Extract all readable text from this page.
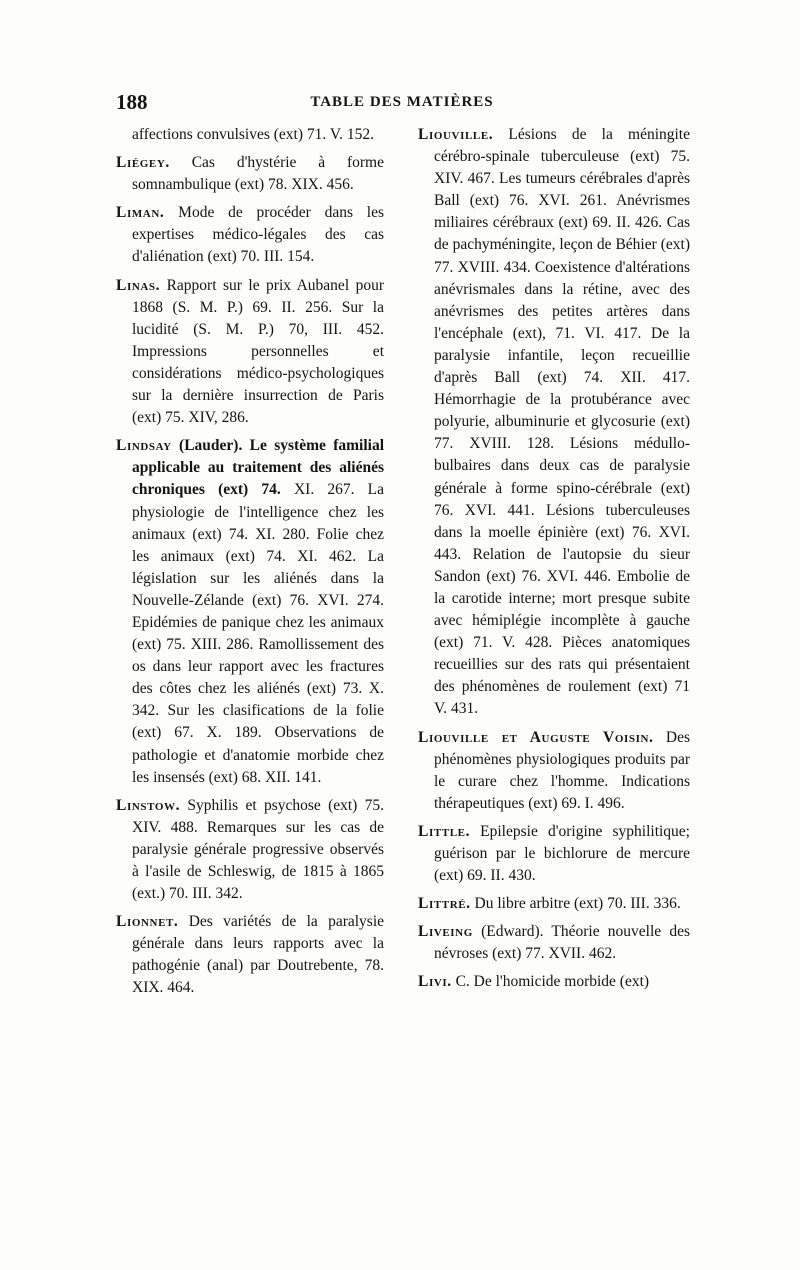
188	TABLE DES MATIÈRES

affections convulsives (ext) 71. V. 152.

Liégey. Cas d'hystérie à forme somnambulique (ext) 78. XIX. 456.

Liman. Mode de procéder dans les expertises médico-légales des cas d'aliénation (ext) 70. III. 154.

Linas. Rapport sur le prix Aubanel pour 1868 (S. M. P.) 69. II. 256. Sur la lucidité (S. M. P.) 70, III. 452. Impressions personnelles et considérations médico-psychologiques sur la dernière insurrection de Paris (ext) 75. XIV, 286.

Lindsay (Lauder). Le système familial applicable au traitement des aliénés chroniques (ext) 74. XI. 267. La physiologie de l'intelligence chez les animaux (ext) 74. XI. 280. Folie chez les animaux (ext) 74. XI. 462. La législation sur les aliénés dans la Nouvelle-Zélande (ext) 76. XVI. 274. Epidémies de panique chez les animaux (ext) 75. XIII. 286. Ramollissement des os dans leur rapport avec les fractures des côtes chez les aliénés (ext) 73. X. 342. Sur les clasifications de la folie (ext) 67. X. 189. Observations de pathologie et d'anatomie morbide chez les insensés (ext) 68. XII. 141.

Linstow. Syphilis et psychose (ext) 75. XIV. 488. Remarques sur les cas de paralysie générale progressive observés à l'asile de Schleswig, de 1815 à 1865 (ext.) 70. III. 342.

Lionnet. Des variétés de la paralysie générale dans leurs rapports avec la pathogénie (anal) par Doutrebente, 78. XIX. 464.

Liouville. Lésions de la méningite cérébro-spinale tuberculeuse (ext) 75. XIV. 467. Les tumeurs cérébrales d'après Ball (ext) 76. XVI. 261. Anévrismes miliaires cérébraux (ext) 69. II. 426. Cas de pachyméningite, leçon de Béhier (ext) 77. XVIII. 434. Coexistence d'altérations anévrismales dans la rétine, avec des anévrismes des petites artères dans l'encéphale (ext), 71. VI. 417. De la paralysie infantile, leçon recueillie d'après Ball (ext) 74. XII. 417. Hémorrhagie de la protubérance avec polyurie, albuminurie et glycosurie (ext) 77. XVIII. 128. Lésions médullo-bulbaires dans deux cas de paralysie générale à forme spino-cérébrale (ext) 76. XVI. 441. Lésions tuberculeuses dans la moelle épinière (ext) 76. XVI. 443. Relation de l'autopsie du sieur Sandon (ext) 76. XVI. 446. Embolie de la carotide interne; mort presque subite avec hémiplégie incomplète à gauche (ext) 71. V. 428. Pièces anatomiques recueillies sur des rats qui présentaient des phénomènes de roulement (ext) 71 V. 431.

Liouville et Auguste Voisin. Des phénomènes physiologiques produits par le curare chez l'homme. Indications thérapeutiques (ext) 69. I. 496.

Little. Epilepsie d'origine syphilitique; guérison par le bichlorure de mercure (ext) 69. II. 430.

Littré. Du libre arbitre (ext) 70. III. 336.

Liveing (Edward). Théorie nouvelle des névroses (ext) 77. XVII. 462.

Livi. C. De l'homicide morbide (ext)
